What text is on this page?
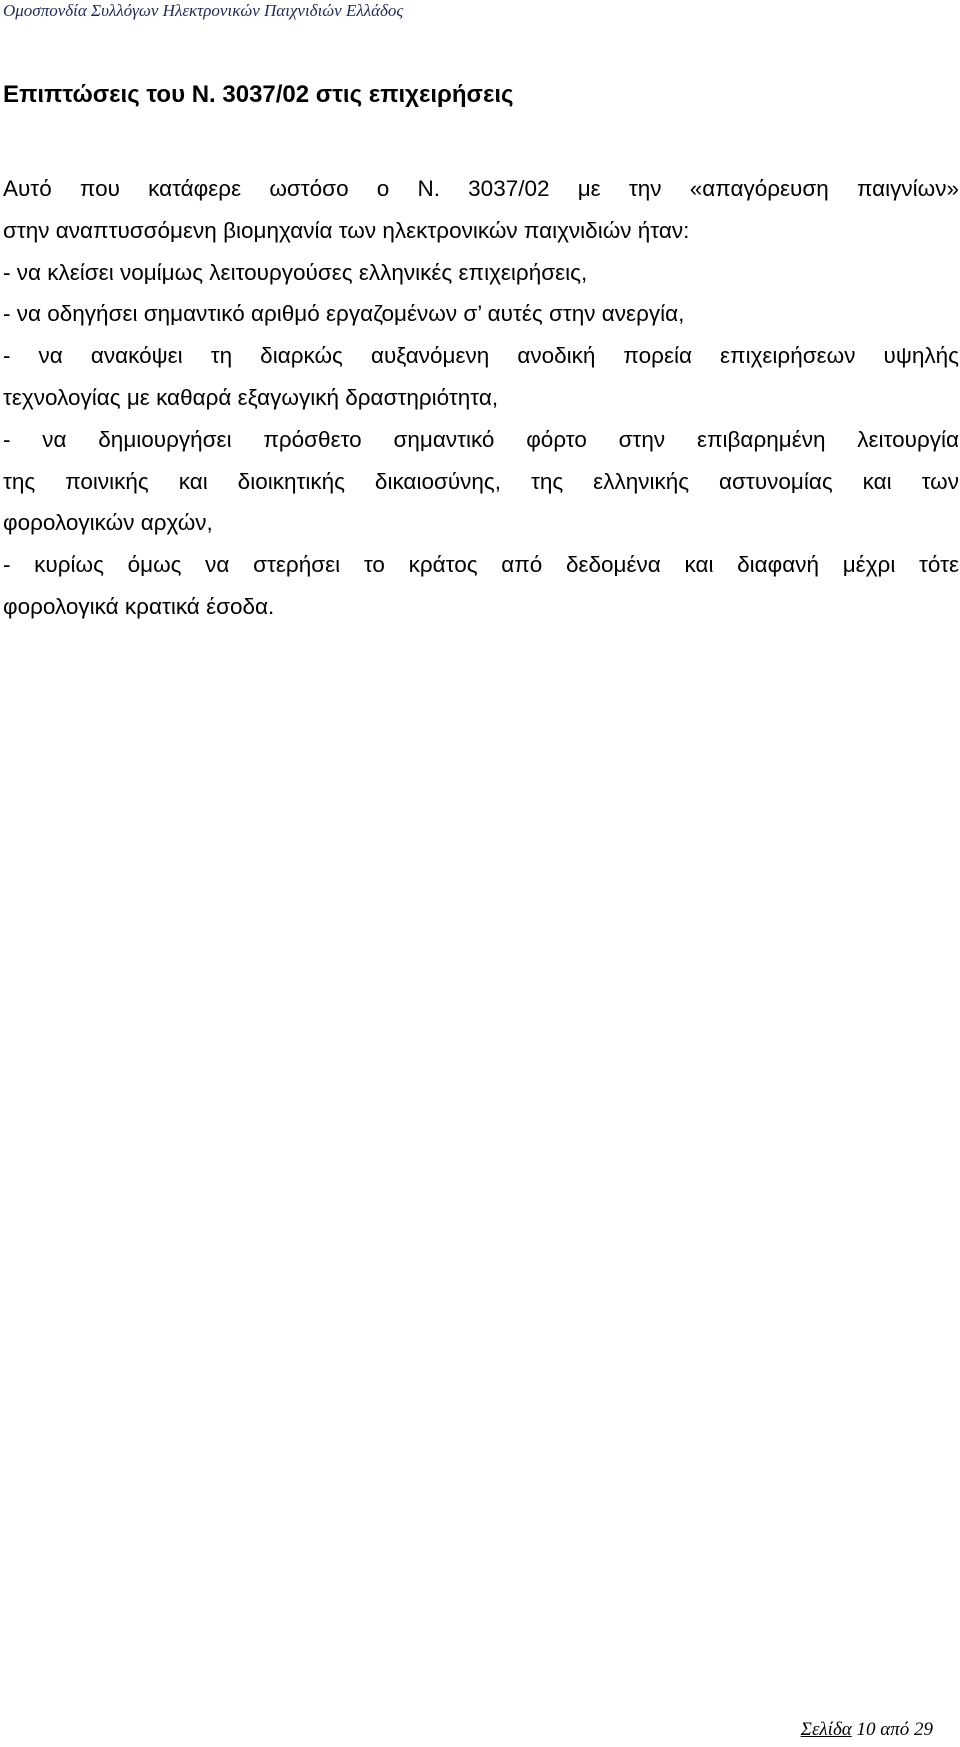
Ομοσπονδία Συλλόγων Ηλεκτρονικών Παιχνιδιών Ελλάδος
Επιπτώσεις του Ν. 3037/02 στις επιχειρήσεις
Αυτό που κατάφερε ωστόσο ο Ν. 3037/02 με την «απαγόρευση παιγνίων»
στην αναπτυσσόμενη βιομηχανία των ηλεκτρονικών παιχνιδιών ήταν:
- να κλείσει νομίμως λειτουργούσες ελληνικές επιχειρήσεις,
- να οδηγήσει σημαντικό αριθμό εργαζομένων σ’ αυτές στην ανεργία,
- να ανακόψει τη διαρκώς αυξανόμενη ανοδική πορεία επιχειρήσεων υψηλής
τεχνολογίας με καθαρά εξαγωγική δραστηριότητα,
- να δημιουργήσει πρόσθετο σημαντικό φόρτο στην επιβαρημένη λειτουργία
της ποινικής και διοικητικής δικαιοσύνης, της ελληνικής αστυνομίας και των
φορολογικών αρχών,
- κυρίως όμως να στερήσει το κράτος από δεδομένα και διαφανή μέχρι τότε
φορολογικά κρατικά έσοδα.
Σελίδα 10 από 29
